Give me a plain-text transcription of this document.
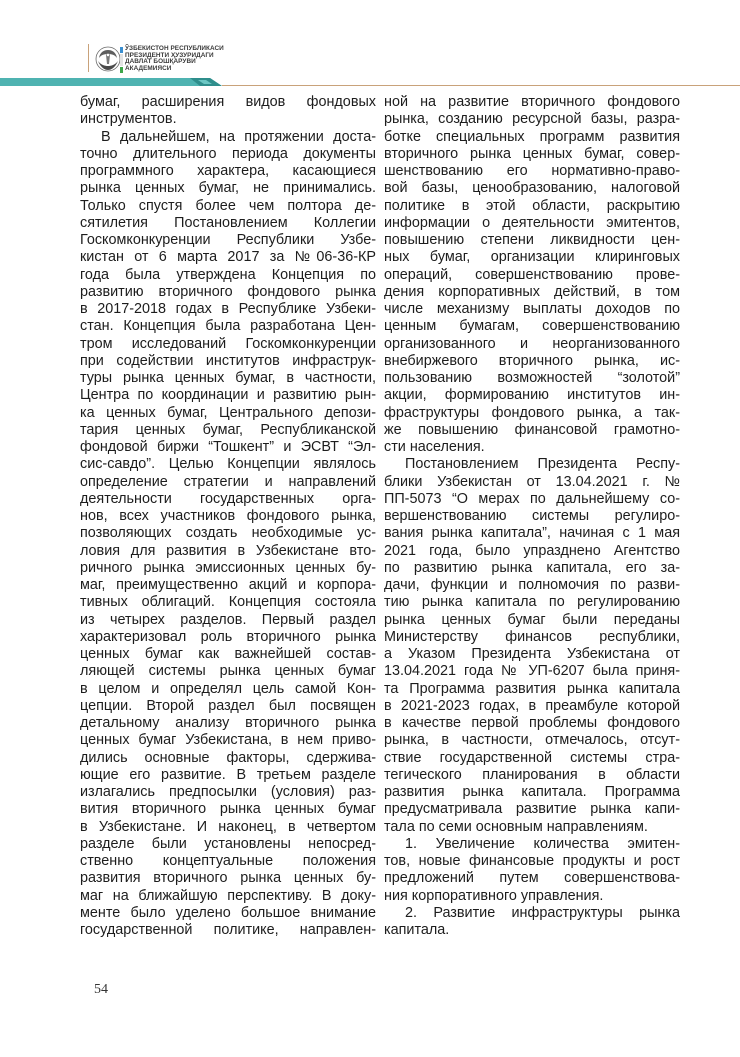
ЎЗБЕКИСТОН РЕСПУБЛИКАСИ
ПРЕЗИДЕНТИ ҲУЗУРИДАГИ
ДАВЛАТ БОШҚАРУВИ
АКАДЕМИЯСИ
бумаг, расширения видов фондовых
инструментов.
В дальнейшем, на протяжении доста-
точно длительного периода документы
программного характера, касающиеся
рынка ценных бумаг, не принимались.
Только спустя более чем полтора де-
сятилетия Постановлением Коллегии
Госкомконкуренции Республики Узбе-
кистан от 6 марта 2017 за №06-36-КР
года была утверждена Концепция по
развитию вторичного фондового рынка
в 2017-2018 годах в Республике Узбеки-
стан. Концепция была разработана Цен-
тром исследований Госкомконкуренции
при содействии институтов инфраструк-
туры рынка ценных бумаг, в частности,
Центра по координации и развитию рын-
ка ценных бумаг, Центрального депози-
тария ценных бумаг, Республиканской
фондовой биржи “Тошкент” и ЭСВТ “Эл-
сис-савдо”. Целью Концепции являлось
определение стратегии и направлений
деятельности государственных орга-
нов, всех участников фондового рынка,
позволяющих создать необходимые ус-
ловия для развития в Узбекистане вто-
ричного рынка эмиссионных ценных бу-
маг, преимущественно акций и корпора-
тивных облигаций. Концепция состояла
из четырех разделов. Первый раздел
характеризовал роль вторичного рынка
ценных бумаг как важнейшей состав-
ляющей системы рынка ценных бумаг
в целом и определял цель самой Кон-
цепции. Второй раздел был посвящен
детальному анализу вторичного рынка
ценных бумаг Узбекистана, в нем приво-
дились основные факторы, сдержива-
ющие его развитие. В третьем разделе
излагались предпосылки (условия) раз-
вития вторичного рынка ценных бумаг
в Узбекистане. И наконец, в четвертом
разделе были установлены непосред-
ственно концептуальные положения
развития вторичного рынка ценных бу-
маг на ближайшую перспективу. В доку-
менте было уделено большое внимание
государственной политике, направлен-
ной на развитие вторичного фондового
рынка, созданию ресурсной базы, разра-
ботке специальных программ развития
вторичного рынка ценных бумаг, совер-
шенствованию его нормативно-право-
вой базы, ценообразованию, налоговой
политике в этой области, раскрытию
информации о деятельности эмитентов,
повышению степени ликвидности цен-
ных бумаг, организации клиринговых
операций, совершенствованию прове-
дения корпоративных действий, в том
числе механизму выплаты доходов по
ценным бумагам, совершенствованию
организованного и неорганизованного
внебиржевого вторичного рынка, ис-
пользованию возможностей “золотой”
акции, формированию институтов ин-
фраструктуры фондового рынка, а так-
же повышению финансовой грамотно-
сти населения.
Постановлением Президента Респу-
блики Узбекистан от 13.04.2021 г. №
ПП-5073 “О мерах по дальнейшему со-
вершенствованию системы регулиро-
вания рынка капитала”, начиная с 1 мая
2021 года, было упразднено Агентство
по развитию рынка капитала, его за-
дачи, функции и полномочия по разви-
тию рынка капитала по регулированию
рынка ценных бумаг были переданы
Министерству финансов республики,
а Указом Президента Узбекистана от
13.04.2021 года № УП-6207 была приня-
та Программа развития рынка капитала
в 2021-2023 годах, в преамбуле которой
в качестве первой проблемы фондового
рынка, в частности, отмечалось, отсут-
ствие государственной системы стра-
тегического планирования в области
развития рынка капитала. Программа
предусматривала развитие рынка капи-
тала по семи основным направлениям.
1. Увеличение количества эмитен-
тов, новые финансовые продукты и рост
предложений путем совершенствова-
ния корпоративного управления.
2. Развитие инфраструктуры рынка
капитала.
54
